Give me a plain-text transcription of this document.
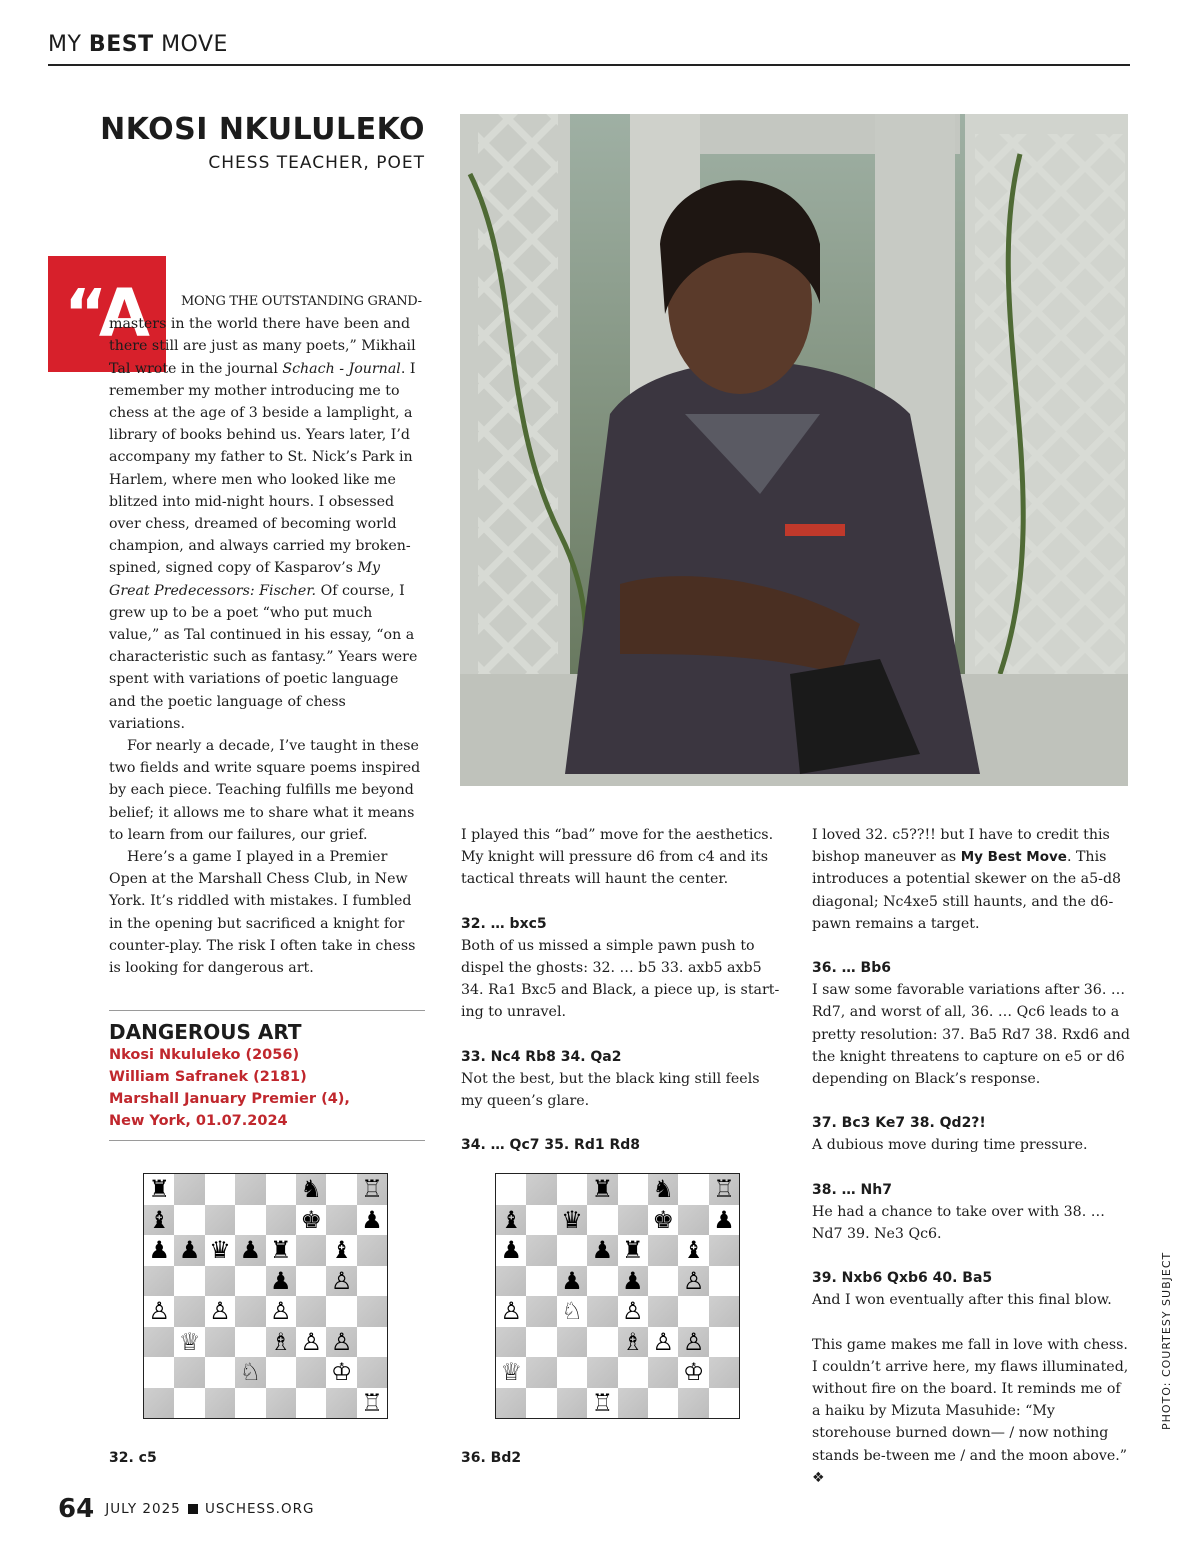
MY BEST MOVE
NKOSI NKULULEKO
CHESS TEACHER, POET
“A	MONG THE OUTSTANDING GRAND-

masters in the world there have been and there still are just as many poets,” Mikhail Tal wrote in the journal Schach - Journal. I remember my mother introducing me to chess at the age of 3 beside a lamplight, a library of books behind us. Years later, I’d accompany my father to St. Nick’s Park in Harlem, where men who looked like me blitzed into mid-night hours. I obsessed over chess, dreamed of becoming world champion, and always carried my broken-spined, signed copy of Kasparov’s My Great Predecessors: Fischer. Of course, I grew up to be a poet “who put much value,” as Tal continued in his essay, “on a characteristic such as fantasy.” Years were spent with variations of poetic language and the poetic language of chess variations.

For nearly a decade, I’ve taught in these two fields and write square poems inspired by each piece. Teaching fulfills me beyond belief; it allows me to share what it means to learn from our failures, our grief.

Here’s a game I played in a Premier Open at the Marshall Chess Club, in New York. It’s riddled with mistakes. I fumbled in the opening but sacrificed a knight for counter-play. The risk I often take in chess is looking for dangerous art.

DANGEROUS ART
Nkosi Nkululeko (2056)
William Safranek (2181)
Marshall January Premier (4),
New York, 01.07.2024

I played this “bad” move for the aesthetics. My knight will pressure d6 from c4 and its tactical threats will haunt the center.

32. … bxc5

Both of us missed a simple pawn push to dispel the ghosts: 32. … b5 33. axb5 axb5 34. Ra1 Bxc5 and Black, a piece up, is start-ing to unravel.

33. Nc4 Rb8 34. Qa2

Not the best, but the black king still feels my queen’s glare.

34. … Qc7 35. Rd1 Rd8

I loved 32. c5??!! but I have to credit this bishop maneuver as My Best Move. This introduces a potential skewer on the a5-d8 diagonal; Nc4xe5 still haunts, and the d6-pawn remains a target.

36. … Bb6

I saw some favorable variations after 36. … Rd7, and worst of all, 36. … Qc6 leads to a pretty resolution: 37. Ba5 Rd7 38. Rxd6 and the knight threatens to capture on e5 or d6 depending on Black’s response.

37. Bc3 Ke7 38. Qd2?!

A dubious move during time pressure.

38. … Nh7

He had a chance to take over with 38. … Nd7 39. Ne3 Qc6.

39. Nxb6 Qxb6 40. Ba5

And I won eventually after this final blow.

This game makes me fall in love with chess. I couldn’t arrive here, my flaws illuminated, without fire on the board. It reminds me of a haiku by Mizuta Masuhide: “My storehouse burned down— / now nothing stands be-tween me / and the moon above.” ❖

♜	♞ ♖
♝	♚ ♟
♟ ♟ ♛ ♟ ♜ ♝
♟ ♙
♙ ♙ ♙
♕	♗ ♙ ♙
♘	♔
♖
32. c5
♜ ♞ ♖
♝ ♛	♚ ♟
♟	♟ ♜ ♝
♟ ♟ ♙
♙ ♘ ♙
♗ ♙ ♙
♕	♔
♖
36. Bd2
PHOTO: COURTESY SUBJECT
64 JULY 2025 USCHESS.ORG
